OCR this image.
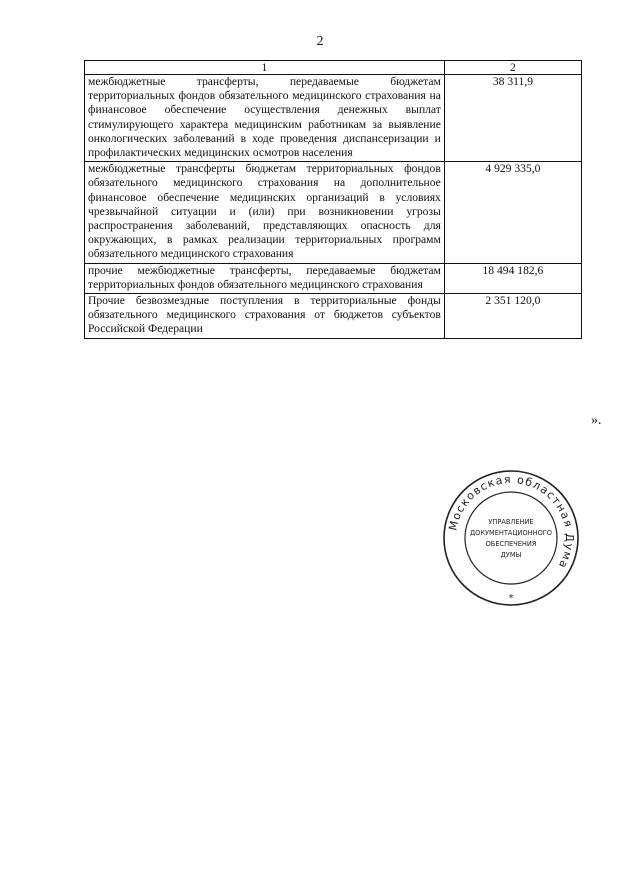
2
1	2
межбюджетные трансферты, передаваемые бюджетам территориальных фондов обязательного медицинского страхования на финансовое обеспечение осуществления денежных выплат стимулирующего характера медицинским работникам за выявление онкологических заболеваний в ходе проведения диспансеризации и профилактических медицинских осмотров населения	38 311,9
межбюджетные трансферты бюджетам территориальных фондов обязательного медицинского страхования на дополнительное финансовое обеспечение медицинских организаций в условиях чрезвычайной ситуации и (или) при возникновении угрозы распространения заболеваний, представляющих опасность для окружающих, в рамках реализации территориальных программ обязательного медицинского страхования	4 929 335,0
прочие межбюджетные трансферты, передаваемые бюджетам территориальных фондов обязательного медицинского страхования	18 494 182,6
Прочие безвозмездные поступления в территориальные фонды обязательного медицинского страхования от бюджетов субъектов Российской Федерации	2 351 120,0
».
Московская областная Дума
УПРАВЛЕНИЕ
ДОКУМЕНТАЦИОННОГО
ОБЕСПЕЧЕНИЯ
ДУМЫ
*
